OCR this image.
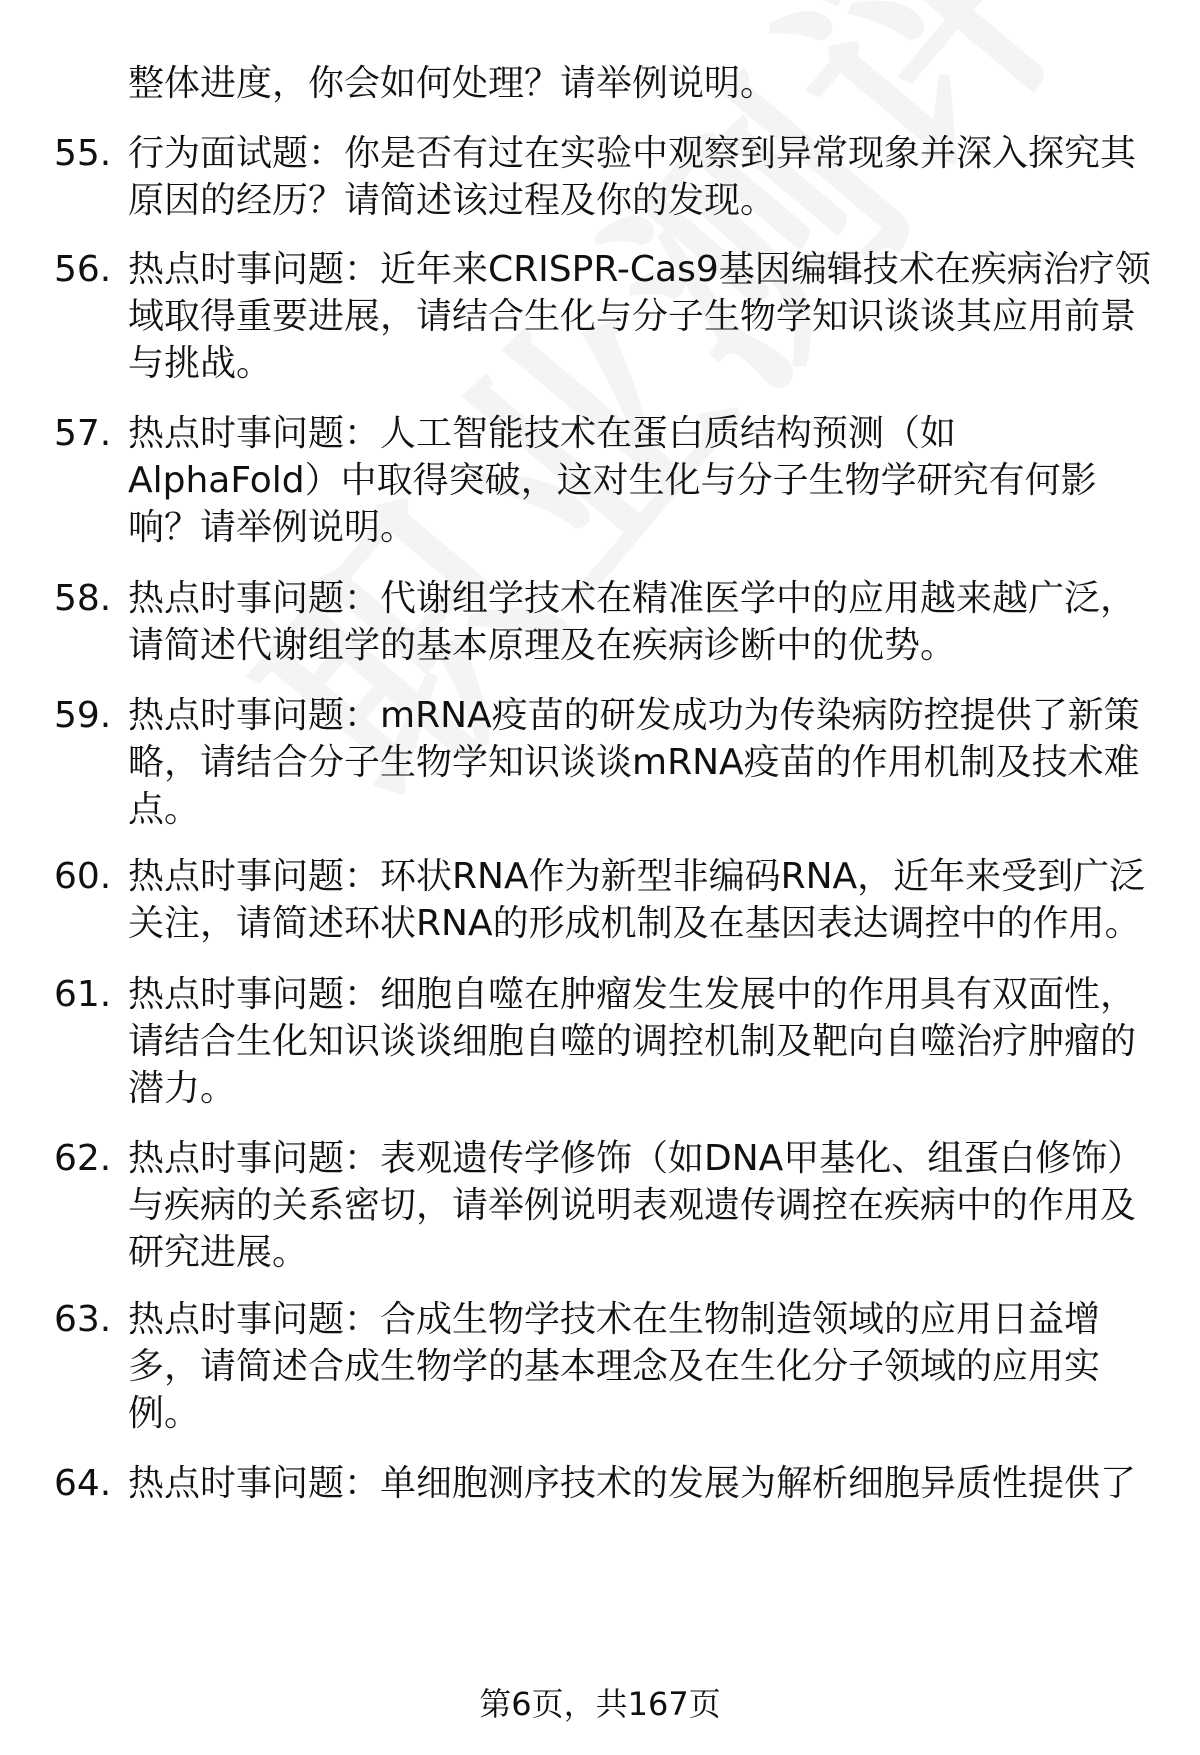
整体进度，你会如何处理？请举例说明。
55. 行为面试题：你是否有过在实验中观察到异常现象并深入探究其
原因的经历？请简述该过程及你的发现。
56. 热点时事问题：近年来CRISPR-Cas9基因编辑技术在疾病治疗领
域取得重要进展，请结合生化与分子生物学知识谈谈其应用前景
与挑战。
57. 热点时事问题：人工智能技术在蛋白质结构预测（如
AlphaFold）中取得突破，这对生化与分子生物学研究有何影
响？请举例说明。
58. 热点时事问题：代谢组学技术在精准医学中的应用越来越广泛，
请简述代谢组学的基本原理及在疾病诊断中的优势。
59. 热点时事问题：mRNA疫苗的研发成功为传染病防控提供了新策
略，请结合分子生物学知识谈谈mRNA疫苗的作用机制及技术难
点。
60. 热点时事问题：环状RNA作为新型非编码RNA，近年来受到广泛
关注，请简述环状RNA的形成机制及在基因表达调控中的作用。
61. 热点时事问题：细胞自噬在肿瘤发生发展中的作用具有双面性，
请结合生化知识谈谈细胞自噬的调控机制及靶向自噬治疗肿瘤的
潜力。
62. 热点时事问题：表观遗传学修饰（如DNA甲基化、组蛋白修饰）
与疾病的关系密切，请举例说明表观遗传调控在疾病中的作用及
研究进展。
63. 热点时事问题：合成生物学技术在生物制造领域的应用日益增
多，请简述合成生物学的基本理念及在生化分子领域的应用实
例。
64. 热点时事问题：单细胞测序技术的发展为解析细胞异质性提供了
第6页，共167页
